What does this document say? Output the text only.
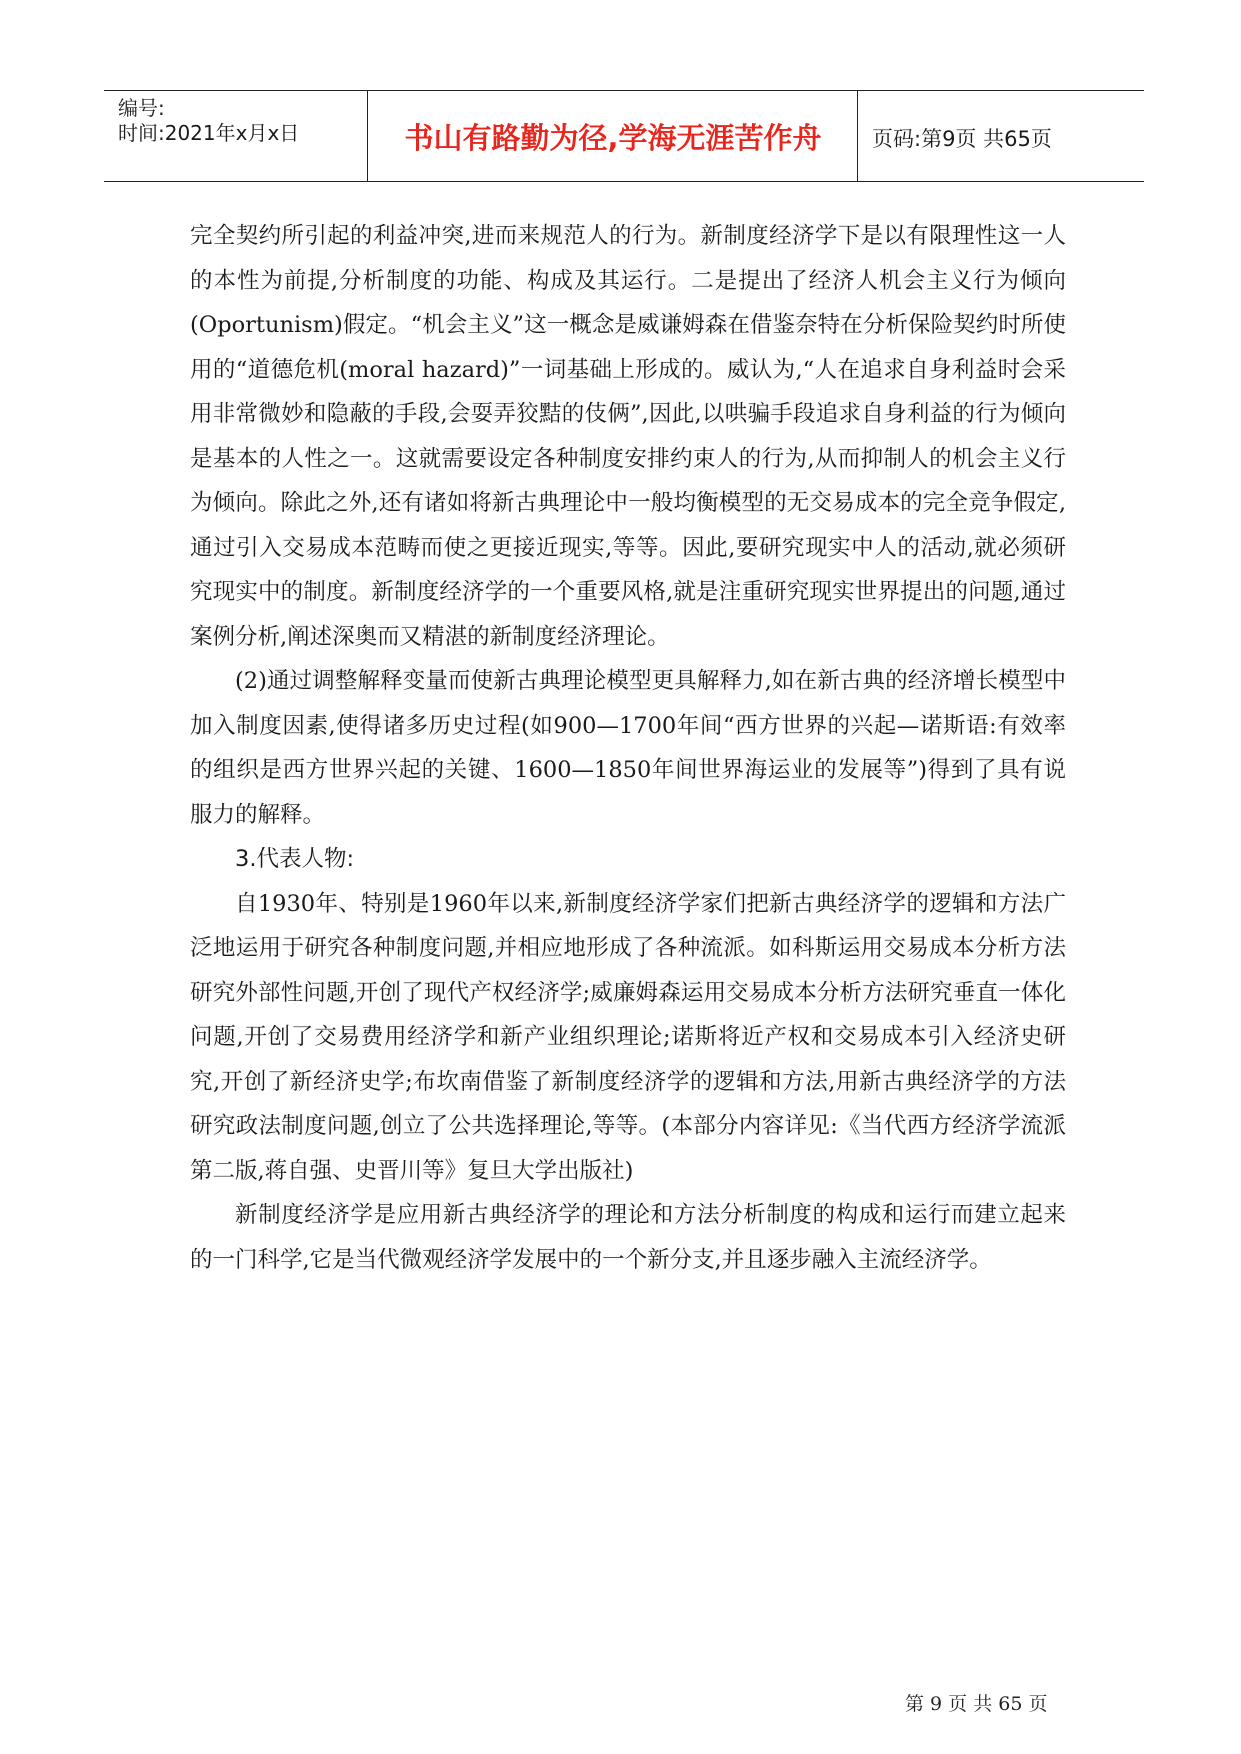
编号:
时间:2021年x月x日	书山有路勤为径,学海无涯苦作舟	页码:第9页 共65页

完全契约所引起的利益冲突,进而来规范人的行为。新制度经济学下是以有限理性这一人的本性为前提,分析制度的功能、构成及其运行。二是提出了经济人机会主义行为倾向(Oportunism)假定。“机会主义”这一概念是威谦姆森在借鉴奈特在分析保险契约时所使用的“道德危机(moral hazard)”一词基础上形成的。威认为,“人在追求自身利益时会采用非常微妙和隐蔽的手段,会耍弄狡黠的伎俩”,因此,以哄骗手段追求自身利益的行为倾向是基本的人性之一。这就需要设定各种制度安排约束人的行为,从而抑制人的机会主义行为倾向。除此之外,还有诸如将新古典理论中一般均衡模型的无交易成本的完全竞争假定,通过引入交易成本范畴而使之更接近现实,等等。因此,要研究现实中人的活动,就必须研究现实中的制度。新制度经济学的一个重要风格,就是注重研究现实世界提出的问题,通过案例分析,阐述深奥而又精湛的新制度经济理论。

(2)通过调整解释变量而使新古典理论模型更具解释力,如在新古典的经济增长模型中加入制度因素,使得诸多历史过程(如900—1700年间“西方世界的兴起—诺斯语:有效率的组织是西方世界兴起的关键、1600—1850年间世界海运业的发展等”)得到了具有说服力的解释。

3.代表人物:

自1930年、特别是1960年以来,新制度经济学家们把新古典经济学的逻辑和方法广泛地运用于研究各种制度问题,并相应地形成了各种流派。如科斯运用交易成本分析方法研究外部性问题,开创了现代产权经济学;威廉姆森运用交易成本分析方法研究垂直一体化问题,开创了交易费用经济学和新产业组织理论;诺斯将近产权和交易成本引入经济史研究,开创了新经济史学;布坎南借鉴了新制度经济学的逻辑和方法,用新古典经济学的方法研究政法制度问题,创立了公共选择理论,等等。(本部分内容详见:《当代西方经济学流派第二版,蒋自强、史晋川等》复旦大学出版社)

新制度经济学是应用新古典经济学的理论和方法分析制度的构成和运行而建立起来的一门科学,它是当代微观经济学发展中的一个新分支,并且逐步融入主流经济学。

第 9 页 共 65 页
